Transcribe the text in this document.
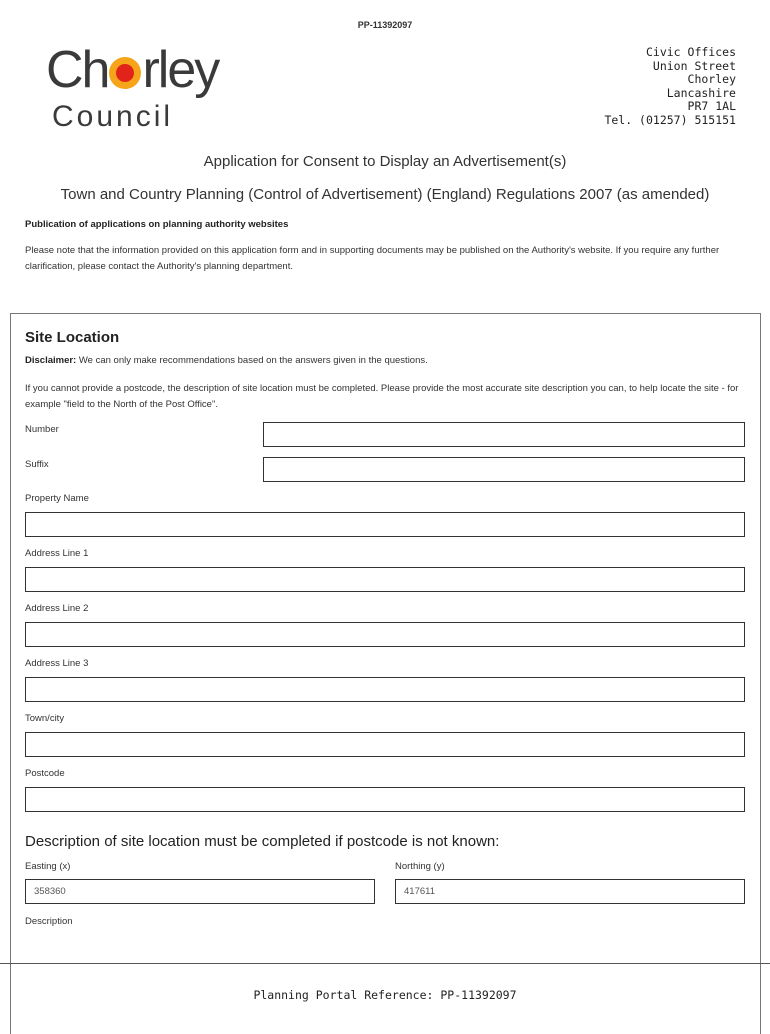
PP-11392097
Ch rley
Council
Civic Offices
Union Street
Chorley
Lancashire
PR7 1AL
Tel. (01257) 515151
Application for Consent to Display an Advertisement(s)
Town and Country Planning (Control of Advertisement) (England) Regulations 2007 (as amended)
Publication of applications on planning authority websites
Please note that the information provided on this application form and in supporting documents may be published on the Authority's website. If you require any further clarification, please contact the Authority's planning department.
Site Location
Disclaimer: We can only make recommendations based on the answers given in the questions.
If you cannot provide a postcode, the description of site location must be completed. Please provide the most accurate site description you can, to help locate the site - for example "field to the North of the Post Office".
Number
Suffix
Property Name
Address Line 1
Address Line 2
Address Line 3
Town/city
Postcode
Description of site location must be completed if postcode is not known:
Easting (x)
358360
Northing (y)
417611
Description
Planning Portal Reference: PP-11392097
